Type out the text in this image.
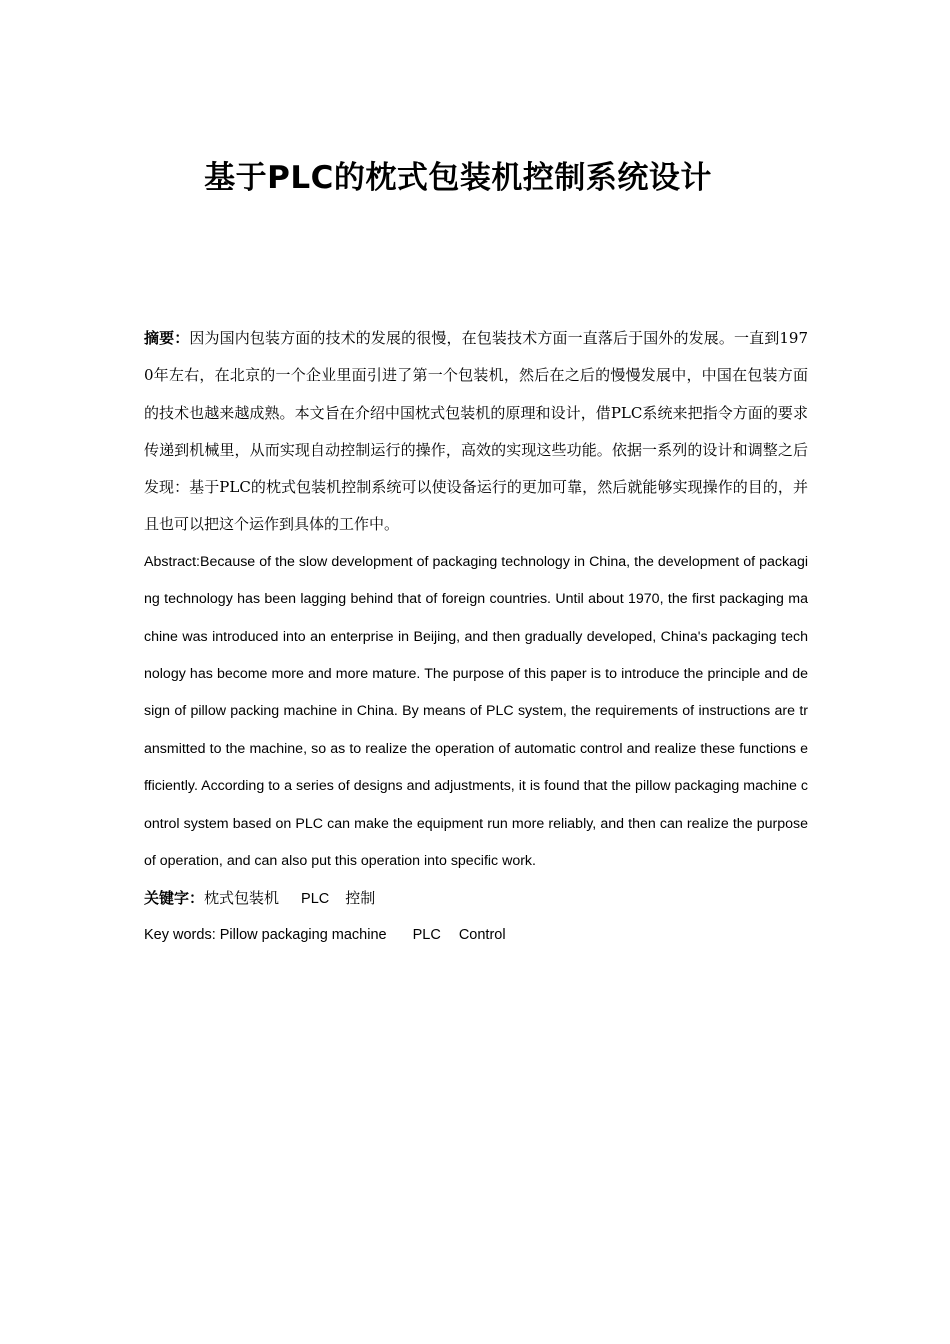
基于PLC的枕式包装机控制系统设计

摘要：因为国内包装方面的技术的发展的很慢，在包装技术方面一直落后于国外的发展。一直到1970年左右，在北京的一个企业里面引进了第一个包装机，然后在之后的慢慢发展中，中国在包装方面的技术也越来越成熟。本文旨在介绍中国枕式包装机的原理和设计，借PLC系统来把指令方面的要求传递到机械里，从而实现自动控制运行的操作，高效的实现这些功能。依据一系列的设计和调整之后发现：基于PLC的枕式包装机控制系统可以使设备运行的更加可靠，然后就能够实现操作的目的，并且也可以把这个运作到具体的工作中。

Abstract:Because of the slow development of packaging technology in China, the development of packaging technology has been lagging behind that of foreign countries. Until about 1970, the first packaging machine was introduced into an enterprise in Beijing, and then gradually developed, China's packaging technology has become more and more mature. The purpose of this paper is to introduce the principle and design of pillow packing machine in China. By means of PLC system, the requirements of instructions are transmitted to the machine, so as to realize the operation of automatic control and realize these functions efficiently. According to a series of designs and adjustments, it is found that the pillow packaging machine control system based on PLC can make the equipment run more reliably, and then can realize the purpose of operation, and can also put this operation into specific work.

关键字：枕式包装机 PLC 控制

Key words: Pillow packaging machine PLC Control
